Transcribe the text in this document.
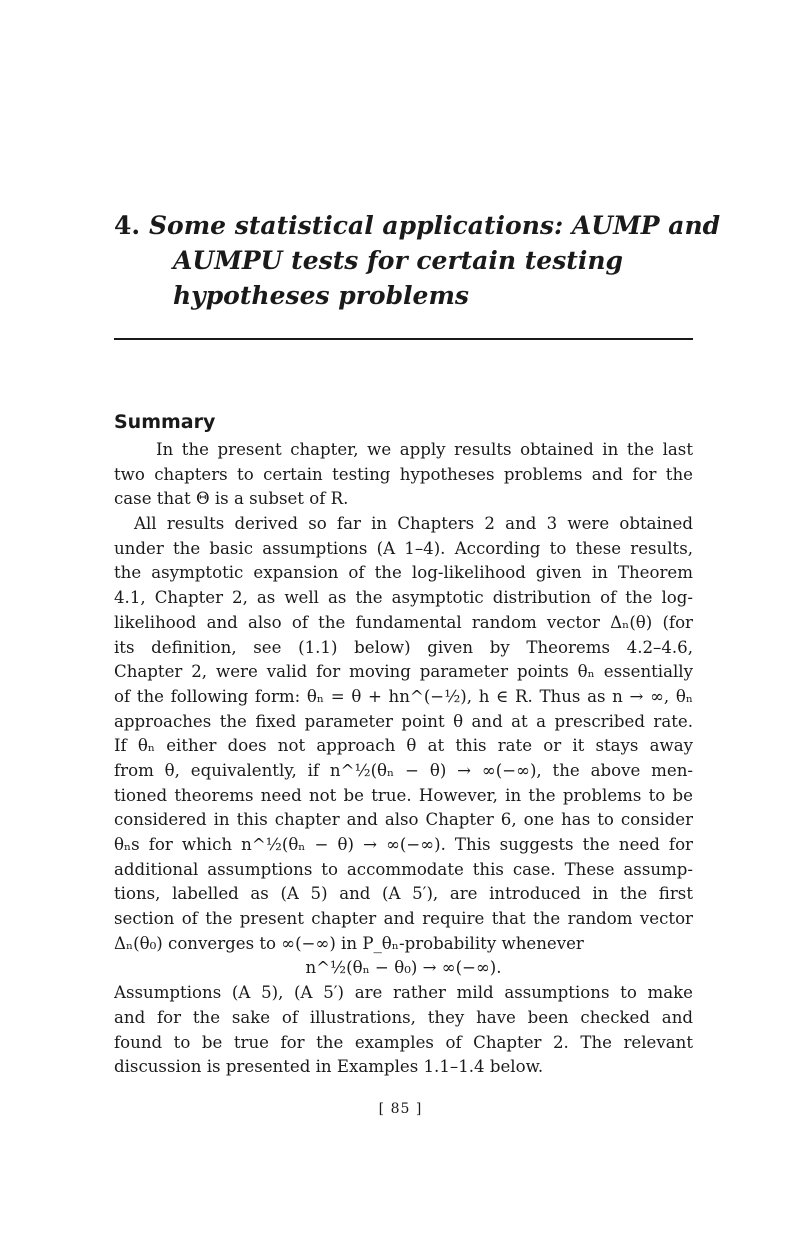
4. Some statistical applications: AUMP and
AUMPU tests for certain testing
hypotheses problems
Summary
In the present chapter, we apply results obtained in the last
two chapters to certain testing hypotheses problems and for the
case that Θ is a subset of R.
All results derived so far in Chapters 2 and 3 were obtained
under the basic assumptions (A 1–4). According to these results,
the asymptotic expansion of the log-likelihood given in Theorem
4.1, Chapter 2, as well as the asymptotic distribution of the log-
likelihood and also of the fundamental random vector Δₙ(θ) (for
its definition, see (1.1) below) given by Theorems 4.2–4.6,
Chapter 2, were valid for moving parameter points θₙ essentially
of the following form: θₙ = θ + hn^(−½), h ∈ R. Thus as n → ∞, θₙ
approaches the fixed parameter point θ and at a prescribed rate.
If θₙ either does not approach θ at this rate or it stays away
from θ, equivalently, if n^½(θₙ − θ) → ∞(−∞), the above men-
tioned theorems need not be true. However, in the problems to be
considered in this chapter and also Chapter 6, one has to consider
θₙs for which n^½(θₙ − θ) → ∞(−∞). This suggests the need for
additional assumptions to accommodate this case. These assump-
tions, labelled as (A 5) and (A 5′), are introduced in the first
section of the present chapter and require that the random vector
Δₙ(θ₀) converges to ∞(−∞) in P_θₙ-probability whenever
n^½(θₙ − θ₀) → ∞(−∞).
Assumptions (A 5), (A 5′) are rather mild assumptions to make
and for the sake of illustrations, they have been checked and
found to be true for the examples of Chapter 2. The relevant
discussion is presented in Examples 1.1–1.4 below.
[ 85 ]
